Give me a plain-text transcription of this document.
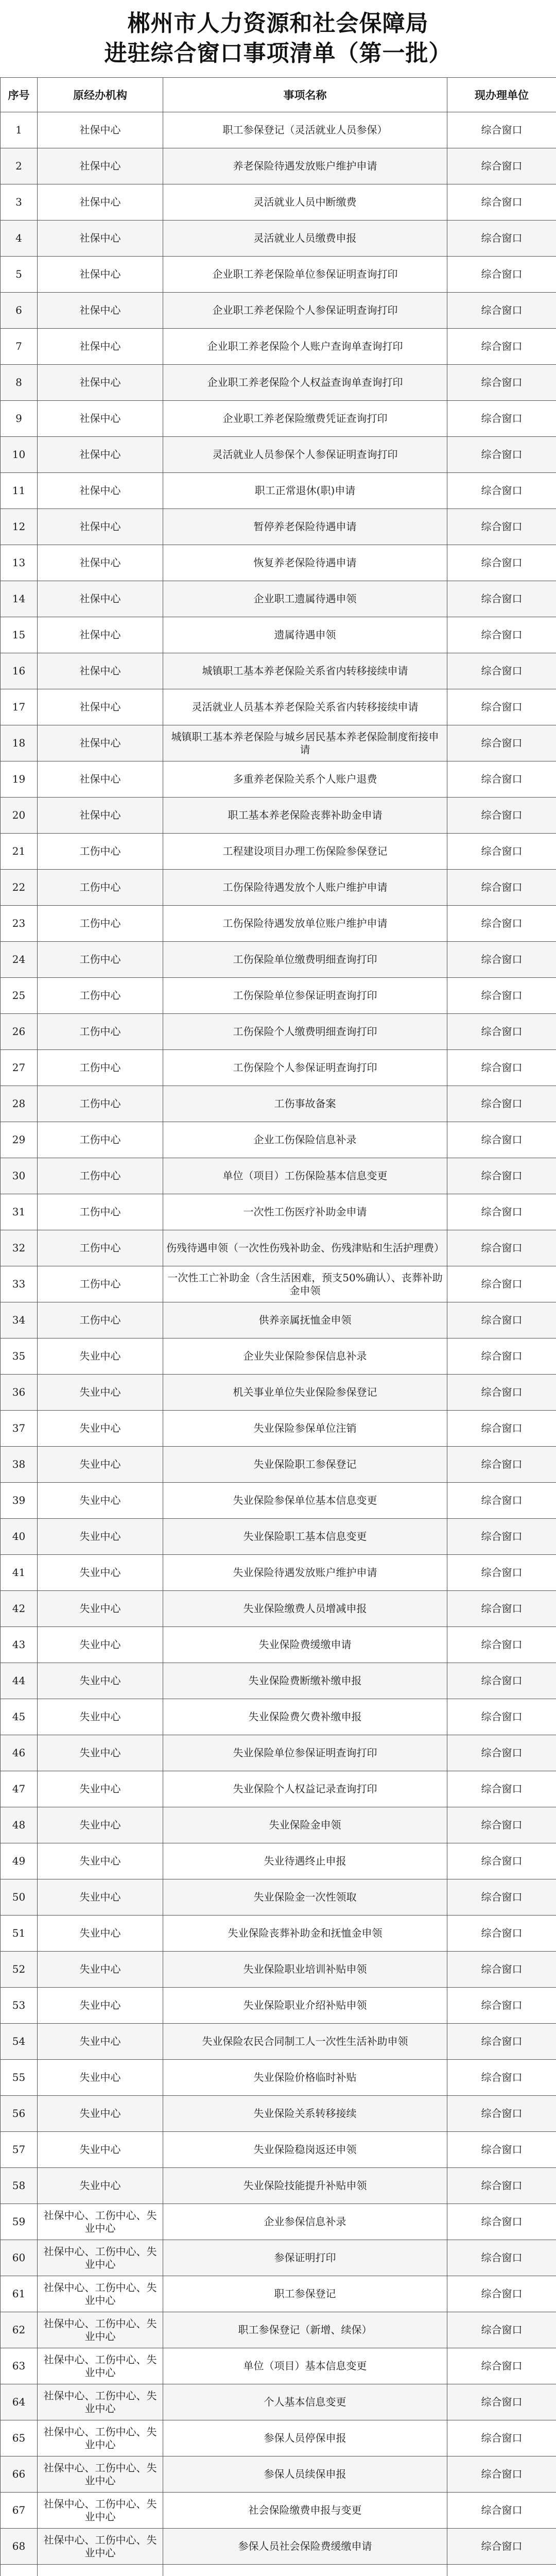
郴州市人力资源和社会保障局
进驻综合窗口事项清单（第一批）
序号	原经办机构	事项名称	现办理单位
1	社保中心	职工参保登记（灵活就业人员参保）	综合窗口
2	社保中心	养老保险待遇发放账户维护申请	综合窗口
3	社保中心	灵活就业人员中断缴费	综合窗口
4	社保中心	灵活就业人员缴费申报	综合窗口
5	社保中心	企业职工养老保险单位参保证明查询打印	综合窗口
6	社保中心	企业职工养老保险个人参保证明查询打印	综合窗口
7	社保中心	企业职工养老保险个人账户查询单查询打印	综合窗口
8	社保中心	企业职工养老保险个人权益查询单查询打印	综合窗口
9	社保中心	企业职工养老保险缴费凭证查询打印	综合窗口
10	社保中心	灵活就业人员参保个人参保证明查询打印	综合窗口
11	社保中心	职工正常退休(职)申请	综合窗口
12	社保中心	暂停养老保险待遇申请	综合窗口
13	社保中心	恢复养老保险待遇申请	综合窗口
14	社保中心	企业职工遗属待遇申领	综合窗口
15	社保中心	遗属待遇申领	综合窗口
16	社保中心	城镇职工基本养老保险关系省内转移接续申请	综合窗口
17	社保中心	灵活就业人员基本养老保险关系省内转移接续申请	综合窗口
18	社保中心	城镇职工基本养老保险与城乡居民基本养老保险制度衔接申请	综合窗口
19	社保中心	多重养老保险关系个人账户退费	综合窗口
20	社保中心	职工基本养老保险丧葬补助金申请	综合窗口
21	工伤中心	工程建设项目办理工伤保险参保登记	综合窗口
22	工伤中心	工伤保险待遇发放个人账户维护申请	综合窗口
23	工伤中心	工伤保险待遇发放单位账户维护申请	综合窗口
24	工伤中心	工伤保险单位缴费明细查询打印	综合窗口
25	工伤中心	工伤保险单位参保证明查询打印	综合窗口
26	工伤中心	工伤保险个人缴费明细查询打印	综合窗口
27	工伤中心	工伤保险个人参保证明查询打印	综合窗口
28	工伤中心	工伤事故备案	综合窗口
29	工伤中心	企业工伤保险信息补录	综合窗口
30	工伤中心	单位（项目）工伤保险基本信息变更	综合窗口
31	工伤中心	一次性工伤医疗补助金申请	综合窗口
32	工伤中心	伤残待遇申领（一次性伤残补助金、伤残津贴和生活护理费）	综合窗口
33	工伤中心	一次性工亡补助金（含生活困难，预支50%确认）、丧葬补助金申领	综合窗口
34	工伤中心	供养亲属抚恤金申领	综合窗口
35	失业中心	企业失业保险参保信息补录	综合窗口
36	失业中心	机关事业单位失业保险参保登记	综合窗口
37	失业中心	失业保险参保单位注销	综合窗口
38	失业中心	失业保险职工参保登记	综合窗口
39	失业中心	失业保险参保单位基本信息变更	综合窗口
40	失业中心	失业保险职工基本信息变更	综合窗口
41	失业中心	失业保险待遇发放账户维护申请	综合窗口
42	失业中心	失业保险缴费人员增减申报	综合窗口
43	失业中心	失业保险费缓缴申请	综合窗口
44	失业中心	失业保险费断缴补缴申报	综合窗口
45	失业中心	失业保险费欠费补缴申报	综合窗口
46	失业中心	失业保险单位参保证明查询打印	综合窗口
47	失业中心	失业保险个人权益记录查询打印	综合窗口
48	失业中心	失业保险金申领	综合窗口
49	失业中心	失业待遇终止申报	综合窗口
50	失业中心	失业保险金一次性领取	综合窗口
51	失业中心	失业保险丧葬补助金和抚恤金申领	综合窗口
52	失业中心	失业保险职业培训补贴申领	综合窗口
53	失业中心	失业保险职业介绍补贴申领	综合窗口
54	失业中心	失业保险农民合同制工人一次性生活补助申领	综合窗口
55	失业中心	失业保险价格临时补贴	综合窗口
56	失业中心	失业保险关系转移接续	综合窗口
57	失业中心	失业保险稳岗返还申领	综合窗口
58	失业中心	失业保险技能提升补贴申领	综合窗口
59	社保中心、工伤中心、失业中心	企业参保信息补录	综合窗口
60	社保中心、工伤中心、失业中心	参保证明打印	综合窗口
61	社保中心、工伤中心、失业中心	职工参保登记	综合窗口
62	社保中心、工伤中心、失业中心	职工参保登记（新增、续保）	综合窗口
63	社保中心、工伤中心、失业中心	单位（项目）基本信息变更	综合窗口
64	社保中心、工伤中心、失业中心	个人基本信息变更	综合窗口
65	社保中心、工伤中心、失业中心	参保人员停保申报	综合窗口
66	社保中心、工伤中心、失业中心	参保人员续保申报	综合窗口
67	社保中心、工伤中心、失业中心	社会保险缴费申报与变更	综合窗口
68	社保中心、工伤中心、失业中心	参保人员社会保险费缓缴申请	综合窗口
